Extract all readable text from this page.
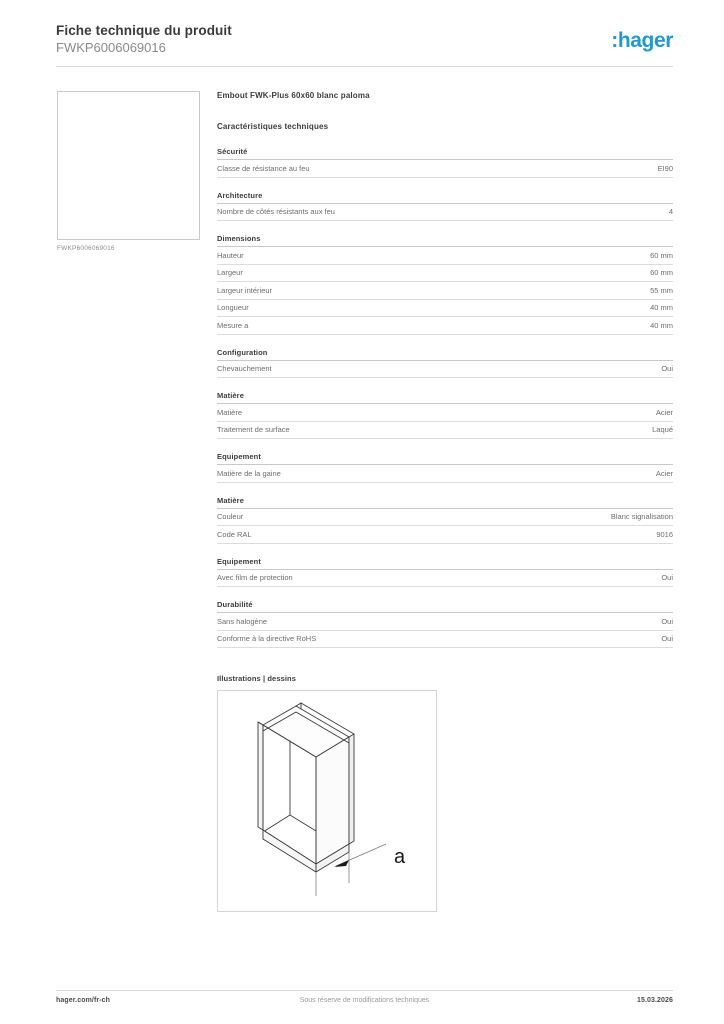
Fiche technique du produit

FWKP6006069016	:hager
FWKP6006069016
Embout FWK-Plus 60x60 blanc paloma
Caractéristiques techniques
Sécurité
Classe de résistance au feu	EI90
Architecture
Nombre de côtés résistants aux feu	4
Dimensions
Hauteur	60 mm
Largeur	60 mm
Largeur intérieur	55 mm
Longueur	40 mm
Mesure a	40 mm
Configuration
Chevauchement	Oui
Matière
Matière	Acier
Traitement de surface	Laqué
Equipement
Matière de la gaine	Acier
Matière
Couleur	Blanc signalisation
Code RAL	9016
Equipement
Avec film de protection	Oui
Durabilité
Sans halogène	Oui
Conforme à la directive RoHS	Oui
Illustrations | dessins
a
hager.com/fr-ch	Sous réserve de modifications techniques	15.03.2026
